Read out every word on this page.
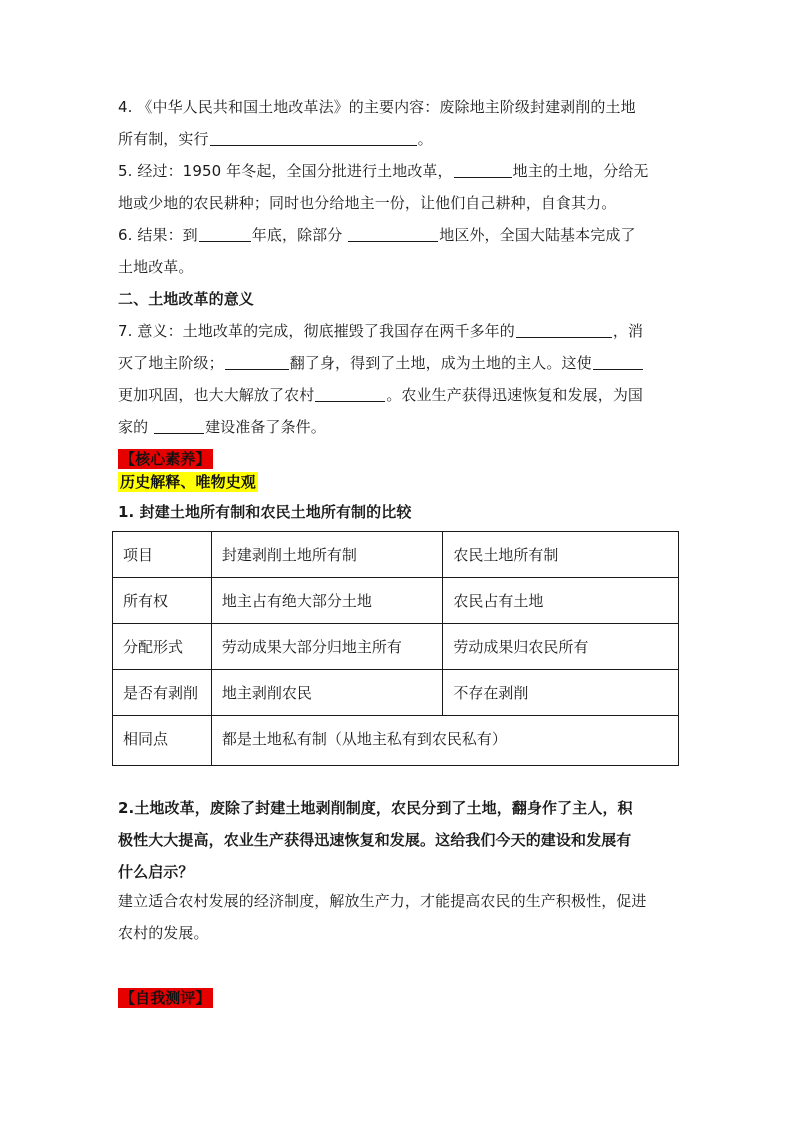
4. 《中华人民共和国土地改革法》的主要内容：废除地主阶级封建剥削的土地
所有制，实行	。
5. 经过：1950 年冬起，全国分批进行土地改革，	地主的土地，分给无
地或少地的农民耕种；同时也分给地主一份，让他们自己耕种，自食其力。
6. 结果：到	年底，除部分	地区外，全国大陆基本完成了
土地改革。
二、土地改革的意义
7. 意义：土地改革的完成，彻底摧毁了我国存在两千多年的	，消
灭了地主阶级；	翻了身，得到了土地，成为土地的主人。这使
更加巩固，也大大解放了农村	。农业生产获得迅速恢复和发展，为国
家的	建设准备了条件。
【核心素养】
历史解释、唯物史观
1. 封建土地所有制和农民土地所有制的比较
项目	封建剥削土地所有制	农民土地所有制
所有权	地主占有绝大部分土地	农民占有土地
分配形式	劳动成果大部分归地主所有	劳动成果归农民所有
是否有剥削	地主剥削农民	不存在剥削
相同点	都是土地私有制（从地主私有到农民私有）	
2.土地改革，废除了封建土地剥削制度，农民分到了土地，翻身作了主人，积
极性大大提高，农业生产获得迅速恢复和发展。这给我们今天的建设和发展有
什么启示？
建立适合农村发展的经济制度，解放生产力，才能提高农民的生产积极性，促进
农村的发展。
【自我测评】
